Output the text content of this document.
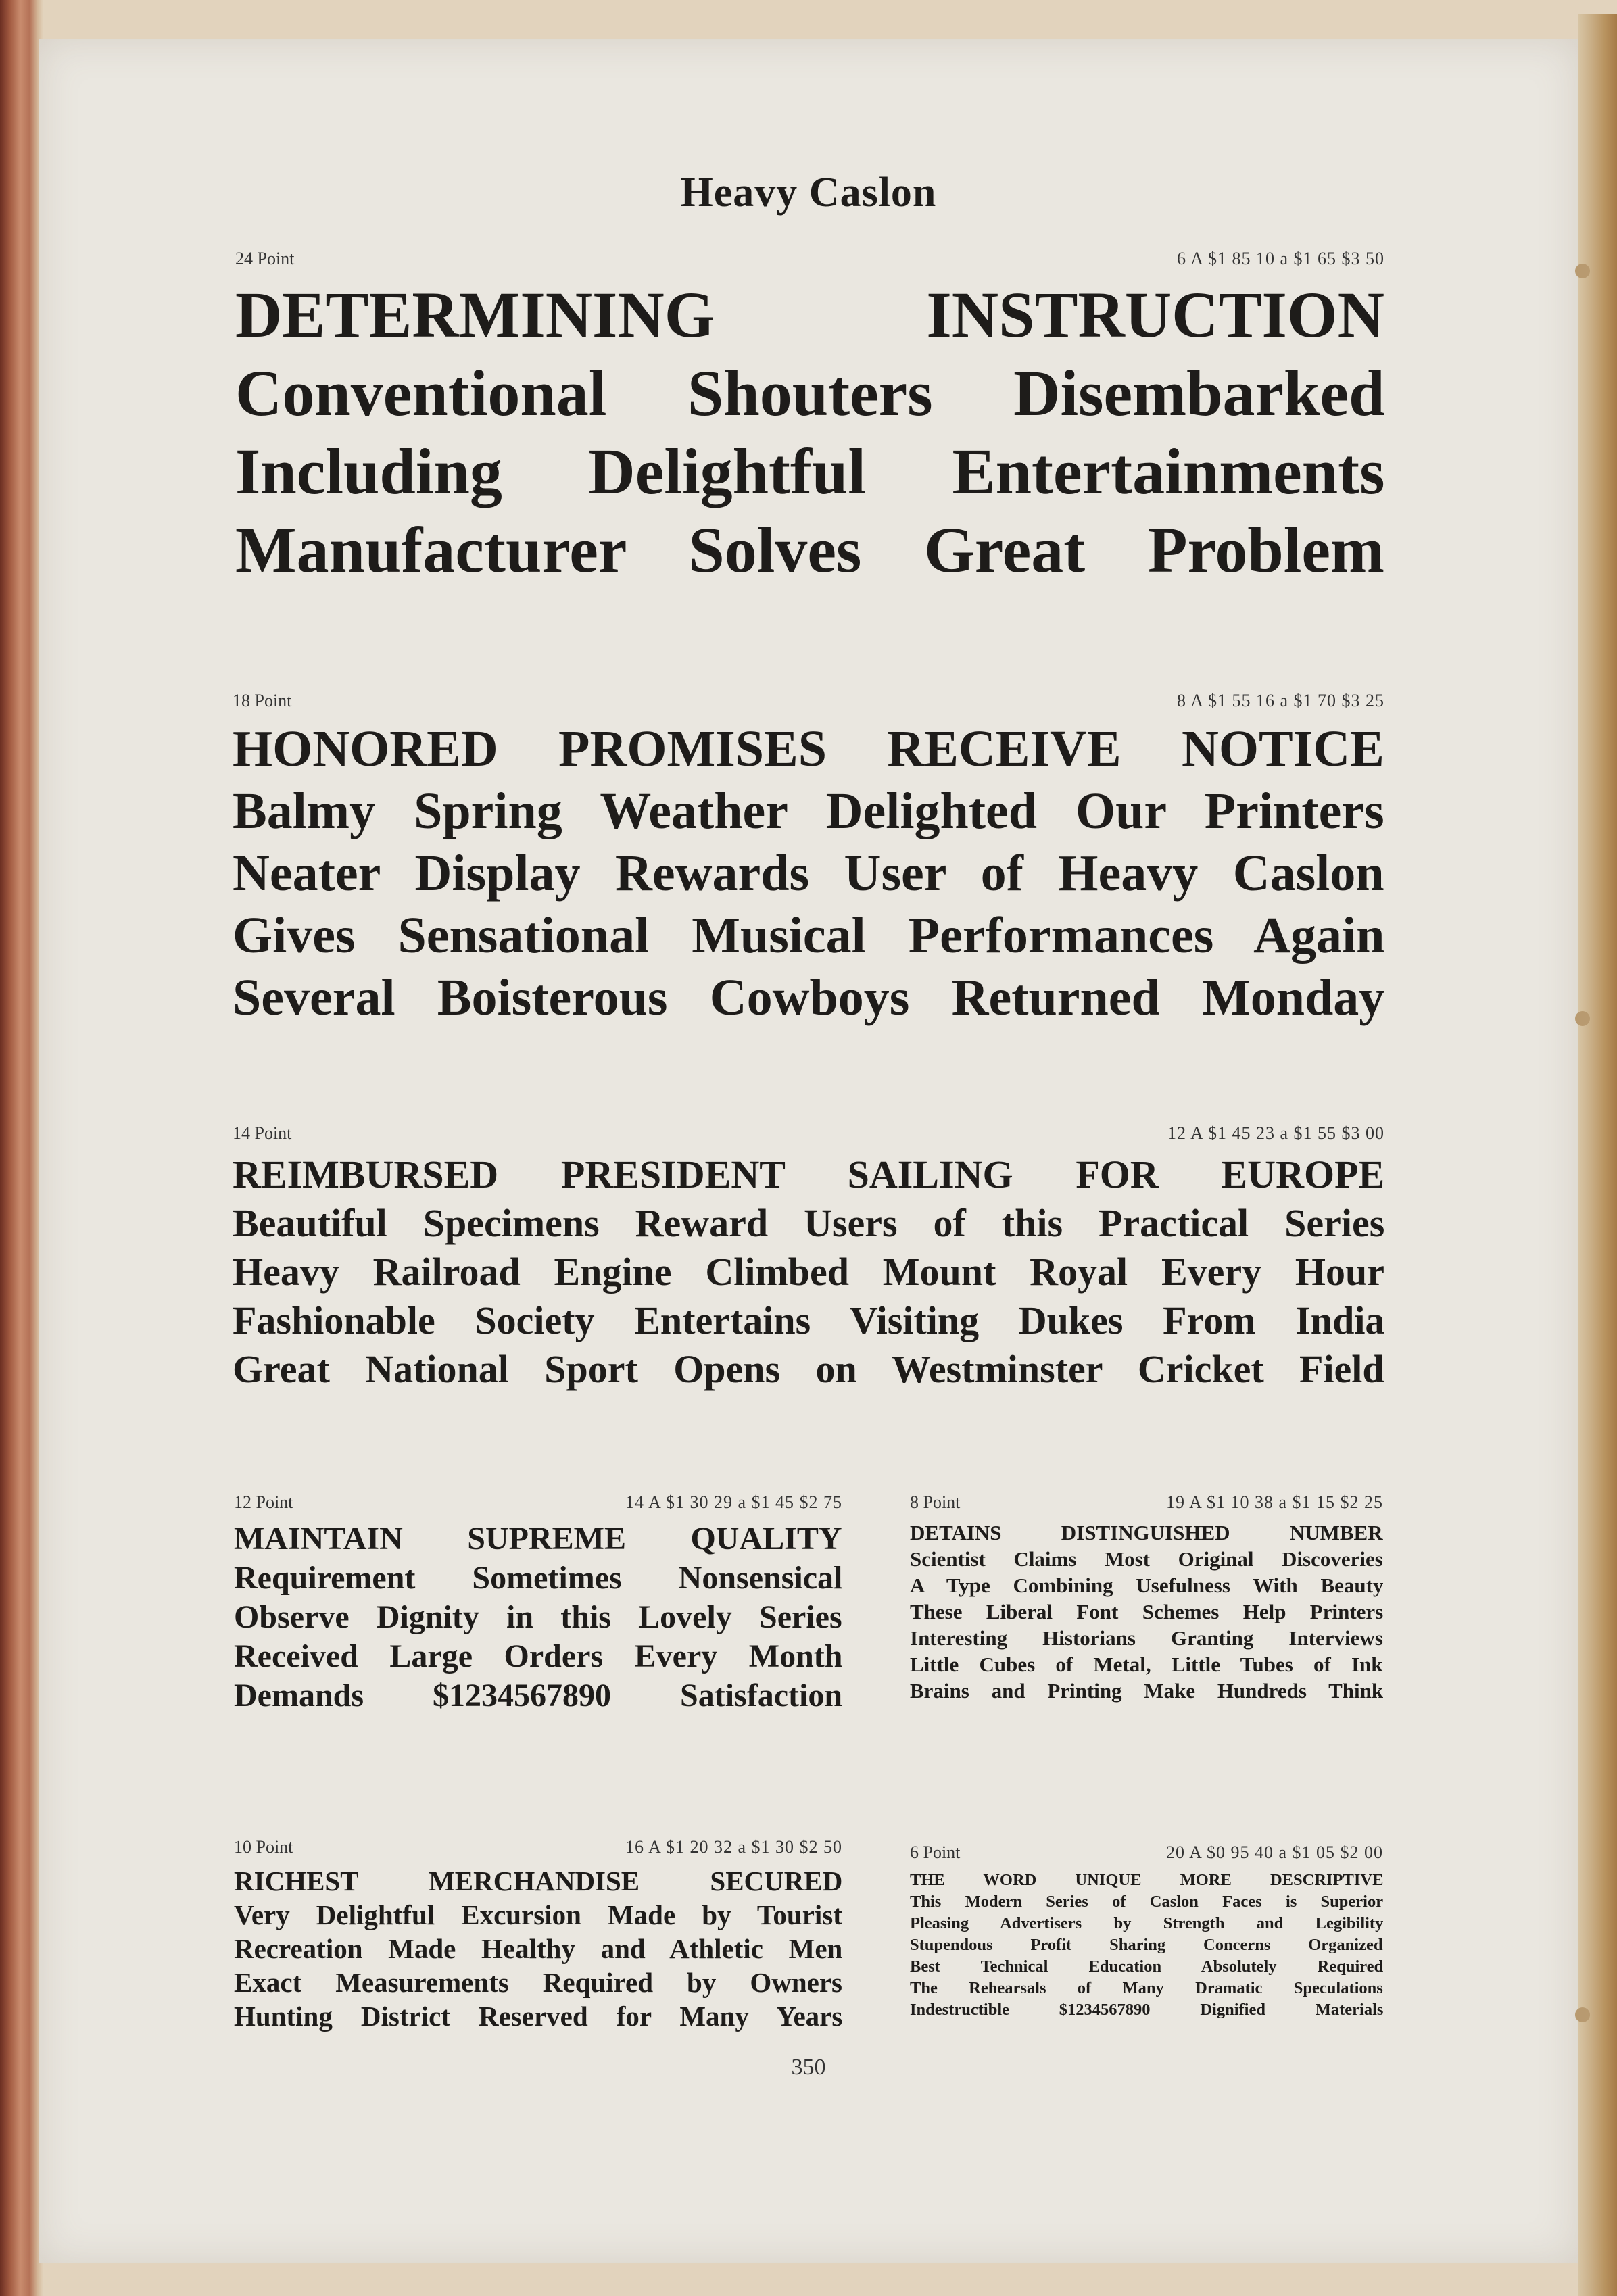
Heavy Caslon
24 Point	6 A $1 85 10 a $1 65 $3 50
DETERMINING INSTRUCTION
Conventional Shouters Disembarked
Including Delightful Entertainments
Manufacturer Solves Great Problem
18 Point	8 A $1 55 16 a $1 70 $3 25
HONORED PROMISES RECEIVE NOTICE
Balmy Spring Weather Delighted Our Printers
Neater Display Rewards User of Heavy Caslon
Gives Sensational Musical Performances Again
Several Boisterous Cowboys Returned Monday
14 Point	12 A $1 45 23 a $1 55 $3 00
REIMBURSED PRESIDENT SAILING FOR EUROPE
Beautiful Specimens Reward Users of this Practical Series
Heavy Railroad Engine Climbed Mount Royal Every Hour
Fashionable Society Entertains Visiting Dukes From India
Great National Sport Opens on Westminster Cricket Field
12 Point	14 A $1 30 29 a $1 45 $2 75
MAINTAIN SUPREME QUALITY
Requirement Sometimes Nonsensical
Observe Dignity in this Lovely Series
Received Large Orders Every Month
Demands $1234567890 Satisfaction
8 Point	19 A $1 10 38 a $1 15 $2 25
DETAINS DISTINGUISHED NUMBER
Scientist Claims Most Original Discoveries
A Type Combining Usefulness With Beauty
These Liberal Font Schemes Help Printers
Interesting Historians Granting Interviews
Little Cubes of Metal, Little Tubes of Ink
Brains and Printing Make Hundreds Think
10 Point	16 A $1 20 32 a $1 30 $2 50
RICHEST MERCHANDISE SECURED
Very Delightful Excursion Made by Tourist
Recreation Made Healthy and Athletic Men
Exact Measurements Required by Owners
Hunting District Reserved for Many Years
6 Point	20 A $0 95 40 a $1 05 $2 00
THE WORD UNIQUE MORE DESCRIPTIVE
This Modern Series of Caslon Faces is Superior
Pleasing Advertisers by Strength and Legibility
Stupendous Profit Sharing Concerns Organized
Best Technical Education Absolutely Required
The Rehearsals of Many Dramatic Speculations
Indestructible $1234567890 Dignified Materials
350
